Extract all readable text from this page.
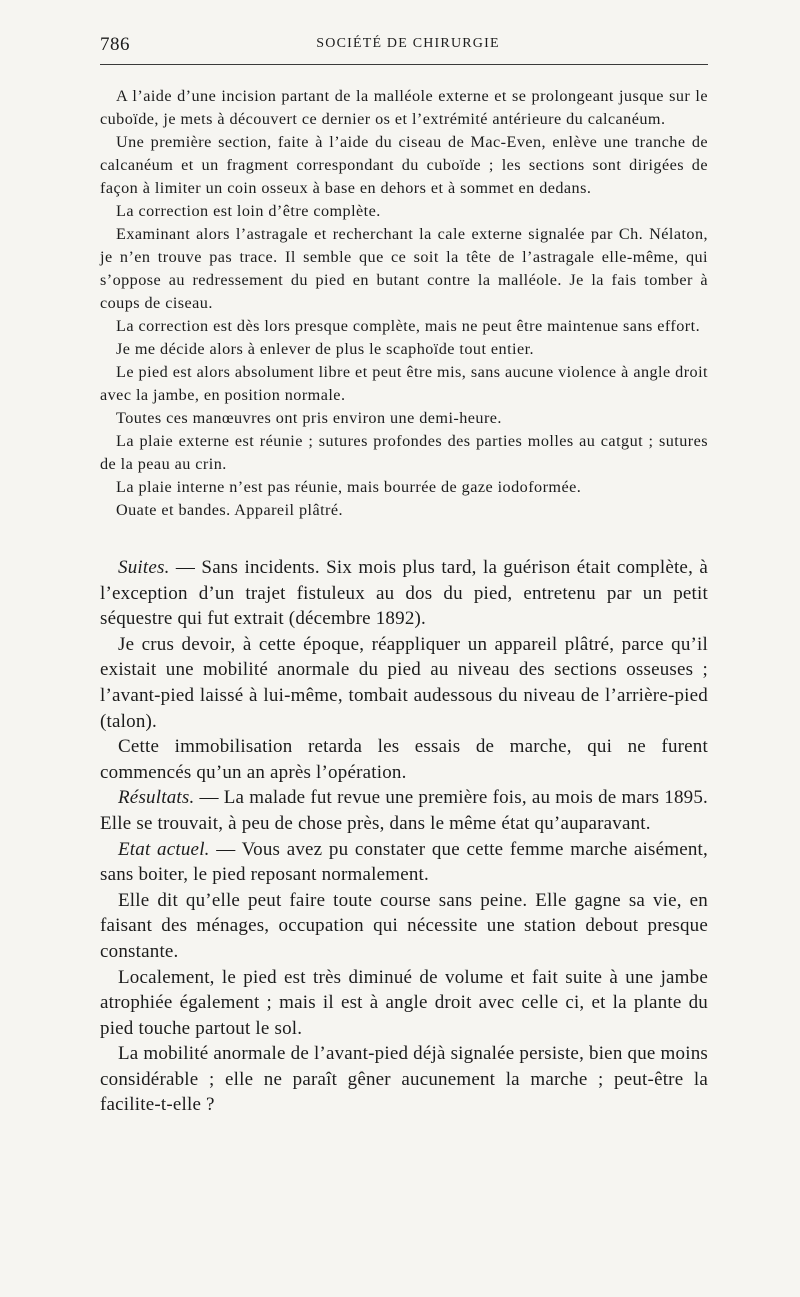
786	SOCIÉTÉ DE CHIRURGIE

A l’aide d’une incision partant de la malléole externe et se prolongeant jusque sur le cuboïde, je mets à découvert ce dernier os et l’extrémité antérieure du calcanéum.

Une première section, faite à l’aide du ciseau de Mac-Even, enlève une tranche de calcanéum et un fragment correspondant du cuboïde ; les sections sont dirigées de façon à limiter un coin osseux à base en dehors et à sommet en dedans.

La correction est loin d’être complète.

Examinant alors l’astragale et recherchant la cale externe signalée par Ch. Nélaton, je n’en trouve pas trace. Il semble que ce soit la tête de l’astragale elle-même, qui s’oppose au redressement du pied en butant contre la malléole. Je la fais tomber à coups de ciseau.

La correction est dès lors presque complète, mais ne peut être maintenue sans effort.

Je me décide alors à enlever de plus le scaphoïde tout entier.

Le pied est alors absolument libre et peut être mis, sans aucune violence à angle droit avec la jambe, en position normale.

Toutes ces manœuvres ont pris environ une demi-heure.

La plaie externe est réunie ; sutures profondes des parties molles au catgut ; sutures de la peau au crin.

La plaie interne n’est pas réunie, mais bourrée de gaze iodoformée.

Ouate et bandes. Appareil plâtré.

Suites. — Sans incidents. Six mois plus tard, la guérison était complète, à l’exception d’un trajet fistuleux au dos du pied, entretenu par un petit séquestre qui fut extrait (décembre 1892).

Je crus devoir, à cette époque, réappliquer un appareil plâtré, parce qu’il existait une mobilité anormale du pied au niveau des sections osseuses ; l’avant-pied laissé à lui-même, tombait audessous du niveau de l’arrière-pied (talon).

Cette immobilisation retarda les essais de marche, qui ne furent commencés qu’un an après l’opération.

Résultats. — La malade fut revue une première fois, au mois de mars 1895. Elle se trouvait, à peu de chose près, dans le même état qu’auparavant.

Etat actuel. — Vous avez pu constater que cette femme marche aisément, sans boiter, le pied reposant normalement.

Elle dit qu’elle peut faire toute course sans peine. Elle gagne sa vie, en faisant des ménages, occupation qui nécessite une station debout presque constante.

Localement, le pied est très diminué de volume et fait suite à une jambe atrophiée également ; mais il est à angle droit avec celle ci, et la plante du pied touche partout le sol.

La mobilité anormale de l’avant-pied déjà signalée persiste, bien que moins considérable ; elle ne paraît gêner aucunement la marche ; peut-être la facilite-t-elle ?
